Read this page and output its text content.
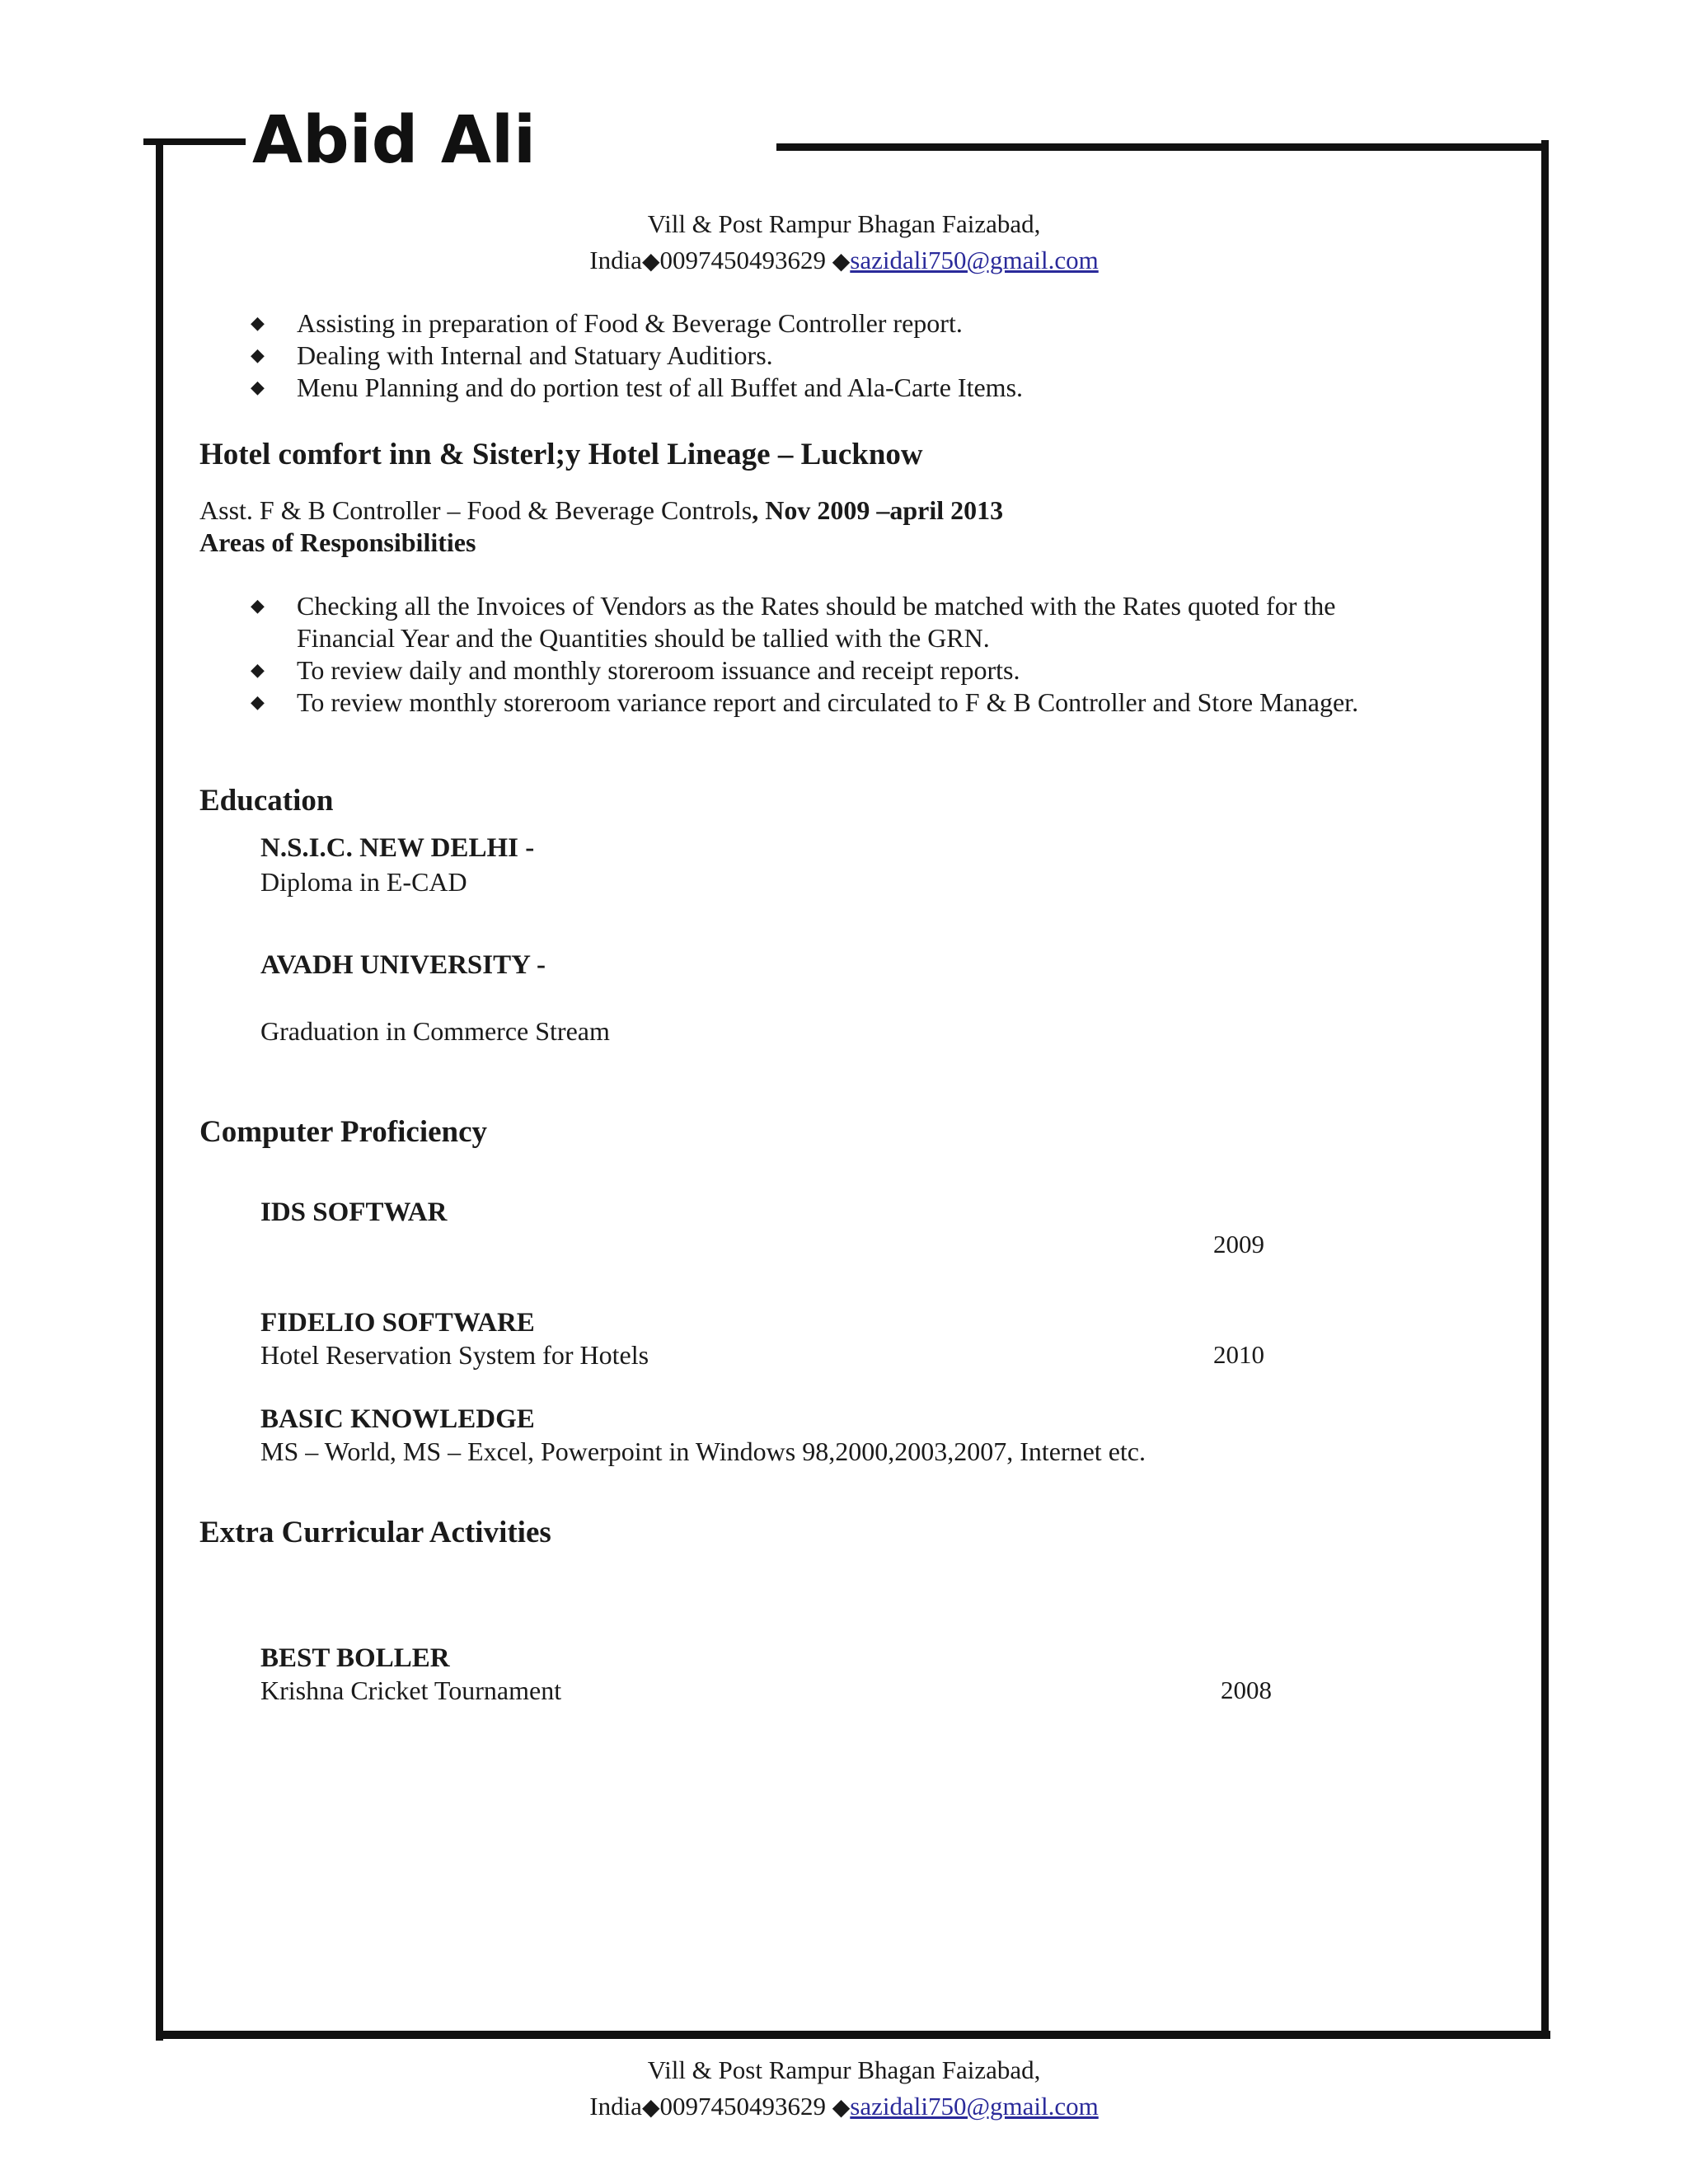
Abid Ali
Vill & Post Rampur Bhagan Faizabad,
India◆0097450493629 ◆sazidali750@gmail.com
◆ Assisting in preparation of Food & Beverage Controller report.
◆ Dealing with Internal and Statuary Auditiors.
◆ Menu Planning and do portion test of all Buffet and Ala-Carte Items.
Hotel comfort inn & Sisterl;y Hotel Lineage – Lucknow
Asst. F & B Controller – Food & Beverage Controls, Nov 2009 –april 2013
Areas of Responsibilities
◆ Checking all the Invoices of Vendors as the Rates should be matched with the Rates quoted for the
Financial Year and the Quantities should be tallied with the GRN.
◆ To review daily and monthly storeroom issuance and receipt reports.
◆ To review monthly storeroom variance report and circulated to F & B Controller and Store Manager.
Education
N.S.I.C. NEW DELHI -
Diploma in E-CAD
AVADH UNIVERSITY -
Graduation in Commerce Stream
Computer Proficiency
IDS SOFTWAR
2009
FIDELIO SOFTWARE
Hotel Reservation System for Hotels	2010
BASIC KNOWLEDGE
MS – World, MS – Excel, Powerpoint in Windows 98,2000,2003,2007, Internet etc.
Extra Curricular Activities
BEST BOLLER
Krishna Cricket Tournament	2008
Vill & Post Rampur Bhagan Faizabad,
India◆0097450493629 ◆sazidali750@gmail.com
